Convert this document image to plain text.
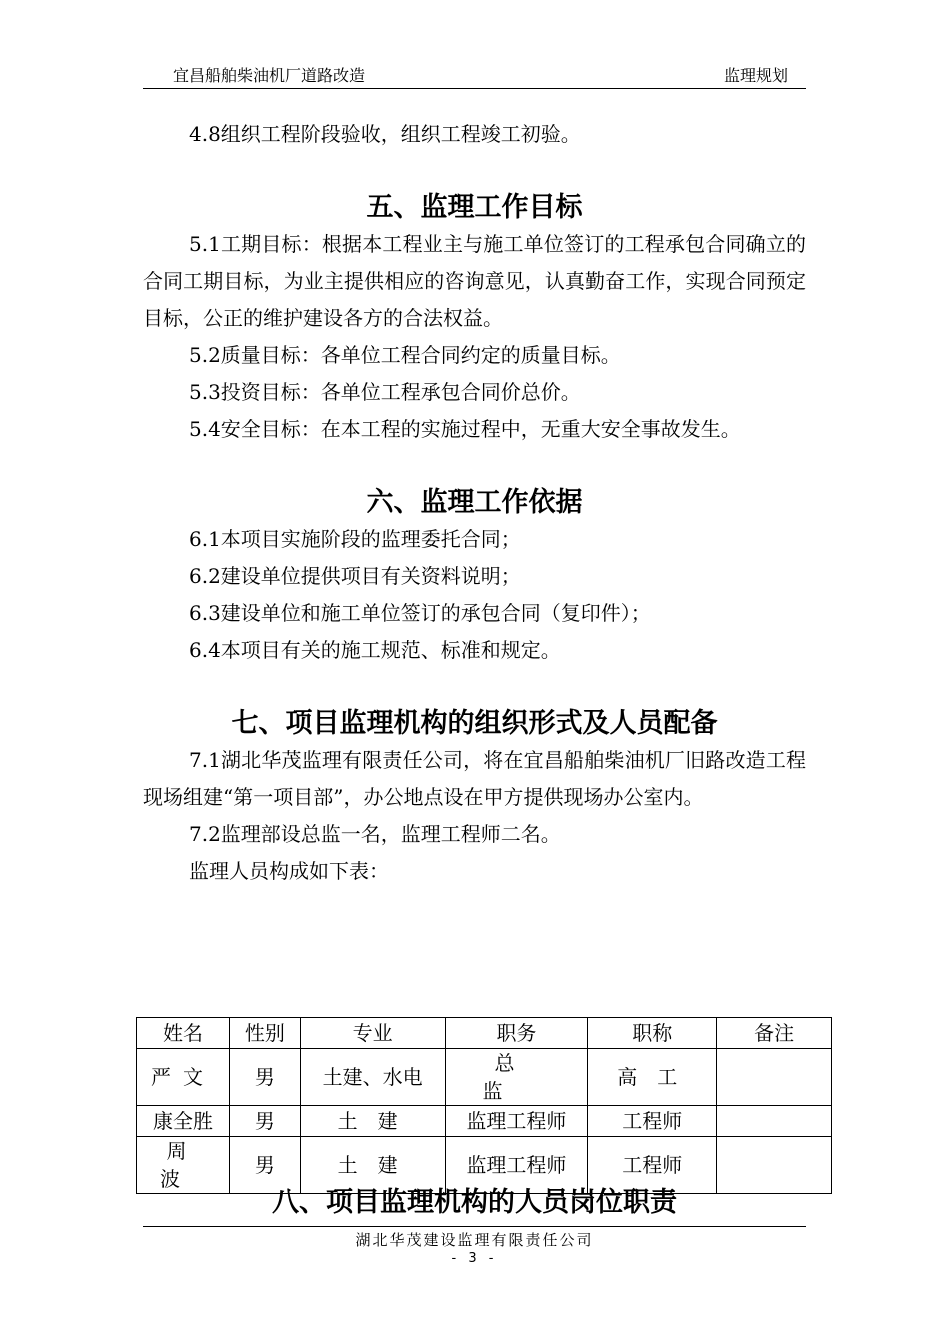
宜昌船舶柴油机厂道路改造	监理规划

4.8组织工程阶段验收，组织工程竣工初验。

五、监理工作目标

5.1工期目标：根据本工程业主与施工单位签订的工程承包合同确立的合同工期目标，为业主提供相应的咨询意见，认真勤奋工作，实现合同预定目标，公正的维护建设各方的合法权益。

5.2质量目标：各单位工程合同约定的质量目标。

5.3投资目标：各单位工程承包合同价总价。

5.4安全目标：在本工程的实施过程中，无重大安全事故发生。

六、监理工作依据

6.1本项目实施阶段的监理委托合同；

6.2建设单位提供项目有关资料说明；

6.3建设单位和施工单位签订的承包合同（复印件）；

6.4本项目有关的施工规范、标准和规定。

七、项目监理机构的组织形式及人员配备

7.1湖北华茂监理有限责任公司，将在宜昌船舶柴油机厂旧路改造工程现场组建“第一项目部”，办公地点设在甲方提供现场办公室内。

7.2监理部设总监一名，监理工程师二名。

监理人员构成如下表：

姓名	性别	专业	职务	职称	备注
严文	男	土建、水电	总监	高工	
康全胜	男	土建	监理工程师	工程师	
周波	男	土建	监理工程师	工程师	
八、项目监理机构的人员岗位职责
湖北华茂建设监理有限责任公司
- 3 -
